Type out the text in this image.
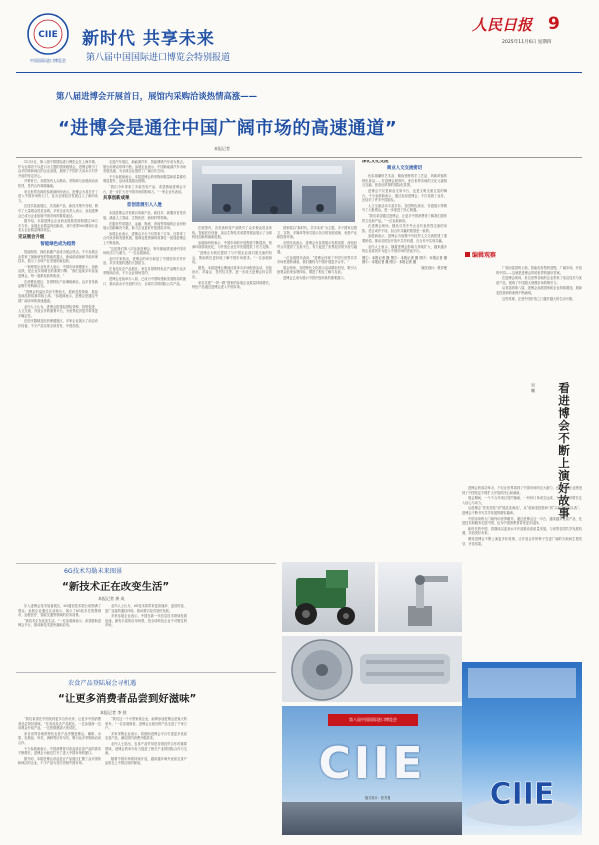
CIIE
中国国际进口博览会
新时代 共享未来
第八届中国国际进口博览会特别报道
人民日报 9
2025年11月6日 星期四
第八届进博会开展首日，展馆内采购洽谈热情高涨——
“进博会是通往中国广阔市场的高速通道”
本报记者

11月5日，第八届中国国际进口博览会在上海开幕。作为全球首个以进口为主题的国家级展会，进博会吸引了众多国家和地区的企业参展，展现了中国扩大高水平对外开放的坚定决心。

开幕首日，各展馆内人头攒动，采购商与参展商洽谈热烈，签约合作频频落地。

来自世界各地的参展商纷纷表示，进博会为其打开了进入中国市场的大门，也为全球经济发展注入了新的动力。

在技术装备展区，各类新产品、新技术集中亮相，吸引了大量观众驻足参观。多家企业负责人表示，参加进博会已成为企业拓展中国市场的重要途径。

据介绍，本届进博会企业商业展展览面积超过36万平方米，参展企业数量再创新高，其中世界500强和行业龙头企业数量保持高位。

见证展会升级
智能绿色成为趋势

智能制造、绿色低碳产品成为展会热点。不少参展企业带来了最新研发的智能机器人、新能源设备和节能环保技术，展示了全球产业发展的新趋势。

一家跨国企业负责人表示，中国市场规模庞大、创新活跃，是企业实现增长的重要引擎。“我们连续多年参加进博会，每一届都有新的收获。”

在消费品展区，各国特色产品琳琅满目，众多首发新品吸引采购商目光。

“进博会的溢出效应不断放大，展商变投资商、展品变商品的故事持续上演。”参展商表示，进博会是通往中国广阔市场的高速通道。

业内人士认为，进博会搭建起国际采购、投资促进、人文交流、开放合作的重要平台，为世界经济复苏带来更多确定性。

在医疗器械及医药保健展区，多家企业展示了前沿诊疗设备，不少产品实现全球首发、中国首展。

走进汽车展区，新能源汽车、智能网联汽车成为焦点，展台前观众络绎不绝。参展企业表示，中国新能源汽车市场发展迅速，为全球企业提供了广阔合作空间。

不少参展商表示，本届进博会的采购商数量和质量都有明显提升，洽谈成果超出预期。

“我们今年带来了多款首发产品，希望借助进博会平台，进一步扩大在中国市场的影响力。”一家企业代表说。

共享创新成果
首创首展引人入胜

本届进博会共有数百项新产品、新技术、新服务首发首展，涵盖人工智能、生物医药、新材料等领域。

在服务贸易展区，金融、物流、咨询等领域的企业纷纷展示创新解决方案，助力企业更好开拓国际市场。

参展企业表示，进博会平台不仅带来了订单，还带来了合作伙伴和发展机遇。展商变投资商的故事在一届届进博会上不断延续。

“这是我们第八次参加进博会，每年都能感受到中国市场的活力与潜力。”一位参展商说。

业内专家指出，进博会的举办彰显了中国坚持对外开放、共享发展机遇的大国担当。

在食品及农产品展区，来自各国的特色农产品吸引众多采购商洽谈，不少企业现场签约。

进博会连续举办八届，已成为中国构建新发展格局的窗口、推动高水平开放的平台、全球共享的国际公共产品。

在展馆内，各类高科技产品吸引了众多观众驻足体验。智能医疗设备、前沿生物技术成果等展品展示了全球科技创新的最新进展。

参展商纷纷表示，中国市场的开放程度不断提高，营商环境持续优化，为外资企业在华发展提供了有力支撑。

“进博会为我们提供了与中国企业面对面交流的机会，帮助我们更好地了解中国市场需求。”一位参展商说。

据悉，本届进博会期间还将举办多场配套活动，包括论坛、对接会、签约仪式等，进一步放大进博会综合效应。

来自共建“一带一路”国家的参展企业数量持续增长，特色产品通过进博会进入中国市场。

国家展以“新时代，共享未来”为主题，多个国家以图文、实物、多媒体等形式展示各自的发展成就、优势产业和投资环境。

各国代表表示，进博会为各国展示发展成果、深化经贸合作提供了宝贵平台，有力促进了世界经济的开放与融通。

一位参展国代表说：“进博会体现了中国与世界共享市场机遇的诚意，我们期待与中国开展更多合作。”

展会现场，各国特色文化展示活动精彩纷呈，吸引大批观众前来参观体验，增进了相互了解与友谊。

进博会已成为展示中国开放形象的重要窗口。

深化文化交流
商业人文交流密切

色彩斑斓的艺术品、精致独特的手工艺品、风味浓郁的特色食品……在进博会展馆内，来自世界各地的文化元素相互交融，营造出浓厚的国际化氛围。

进博会不仅是商品交易平台，也是文明交流互鉴的舞台。不少参展商表示，通过参加进博会，不仅拓展了业务，还结识了许多中国朋友。

人文交流活动丰富多彩，各国特色演出、非遗展示等吸引了大批观众，进一步促进了民心相通。

“我们希望通过进博会，让更多中国消费者了解我们国家的文化和产品。”一位参展商说。

在进博会现场，随处可见中外企业代表热烈交流的身影。语言或许不同，但合作共赢的愿望是一致的。

参展商表示，进博会为加强中外经贸人文交流搭建了重要桥梁，推动各国在开放中共享机遇、在合作中实现共赢。

业内人士表示，随着进博会影响力持续扩大，越来越多的企业将其作为进入中国市场的首选平台。

图①：本报记者 摄 图②：本报记者 摄 图③：本报记者 摄 图④：本报记者 摄 图⑤：本报记者 摄

版式设计：张芳曼

编辑观察

广袤而富饶的土地，智能化转型的进程，广阔市场，开放的中国——这就是进博会带给世界的最好答案。

在进博会现场，来自世界各地的企业带来了前沿技术与优质产品，展现了中国超大规模市场的吸引力。

从首届到第八届，进博会参展国家和企业持续增加，展商变投资商的案例不断涌现。

这些故事，正是中国开放之门越开越大的生动写照。

看进博会不断上演好故事
吴 姗

进博会的成功举办，不仅让世界看到了中国市场的巨大潜力，也让各国企业感受到了中国坚定不移扩大开放的决心和诚意。

展会期间，一个个合作项目签约落地，一份份订单成交达成，为全球经济增长注入信心与动力。

从进博会“首发首展”到“展品变商品”，从“展商变投资商”到“头回客变回头客”，进博会不断书写共享发展的精彩篇章。

中国市场的大门始终向世界敞开。通过进博会这一平台，越来越多优质产品、先进技术和服务走进中国，也为中国消费者带来更多选择。

新时代的中国，将继续以更高水平开放推动高质量发展，与世界各国共享发展机遇，共创美好未来。

期待进博会不断上演更多好故事，让开放合作的种子在更广阔的天地间生根发芽、开花结果。

6G技术勾勒未来图景
“新技术正在改变生活”
本报记者 龚 成

步入进博会技术装备展区，6G通信技术展台前围满了观众。参展企业通过互动演示，展示了6G技术在智慧城市、远程医疗、智能交通等领域的应用前景。

“新技术正在改变生活。”一位参展商表示，希望借助进博会平台，推动新技术更快落地应用。

业内人士认为，6G技术将带来更高速率、更低时延、更广连接的通信体验，推动数字经济加快发展。

多家参展企业表示，中国在新一代信息技术领域发展迅速，拥有丰富的应用场景，是全球科技企业不可错过的市场。

农食产品登陆展会寻机遇
“让更多消费者品尝到好滋味”
本报记者 李 拯

“我们希望在中国找到更多合作伙伴，让更多中国消费者品尝到好滋味。”在食品及农产品展区，一位参展商一边向观众介绍产品，一边热情邀请大家试吃。

来自世界各地的特色农食产品齐聚进博会，咖啡、水果、乳制品、肉类、海鲜等应有尽有，吸引众多采购商洽谈合作。

不少参展商表示，中国消费者对高品质农食产品的需求不断增长，进博会为他们打开了进入中国市场的窗口。

据介绍，本届进博会食品及农产品展区汇聚了众多国家和地区的企业，不少产品为首次亮相中国市场。

“我们这一个小型家族企业，能够参加进博会是莫大的荣幸。”一位参展商说，进博会让他们的产品走进了千家万户。

多家采购企业表示，将借助进博会平台引进更多优质农食产品，满足国内消费升级需求。

业内人士指出，农食产品贸易是各国经贸合作的重要领域，进博会的举办有力促进了相关产业的国际合作与交流。

随着中国市场的持续开放，越来越多海外优质农食产品将走上中国百姓的餐桌。

第八届中国国际进口博览会
CIIE
版式设计：张芳曼	CIIE
